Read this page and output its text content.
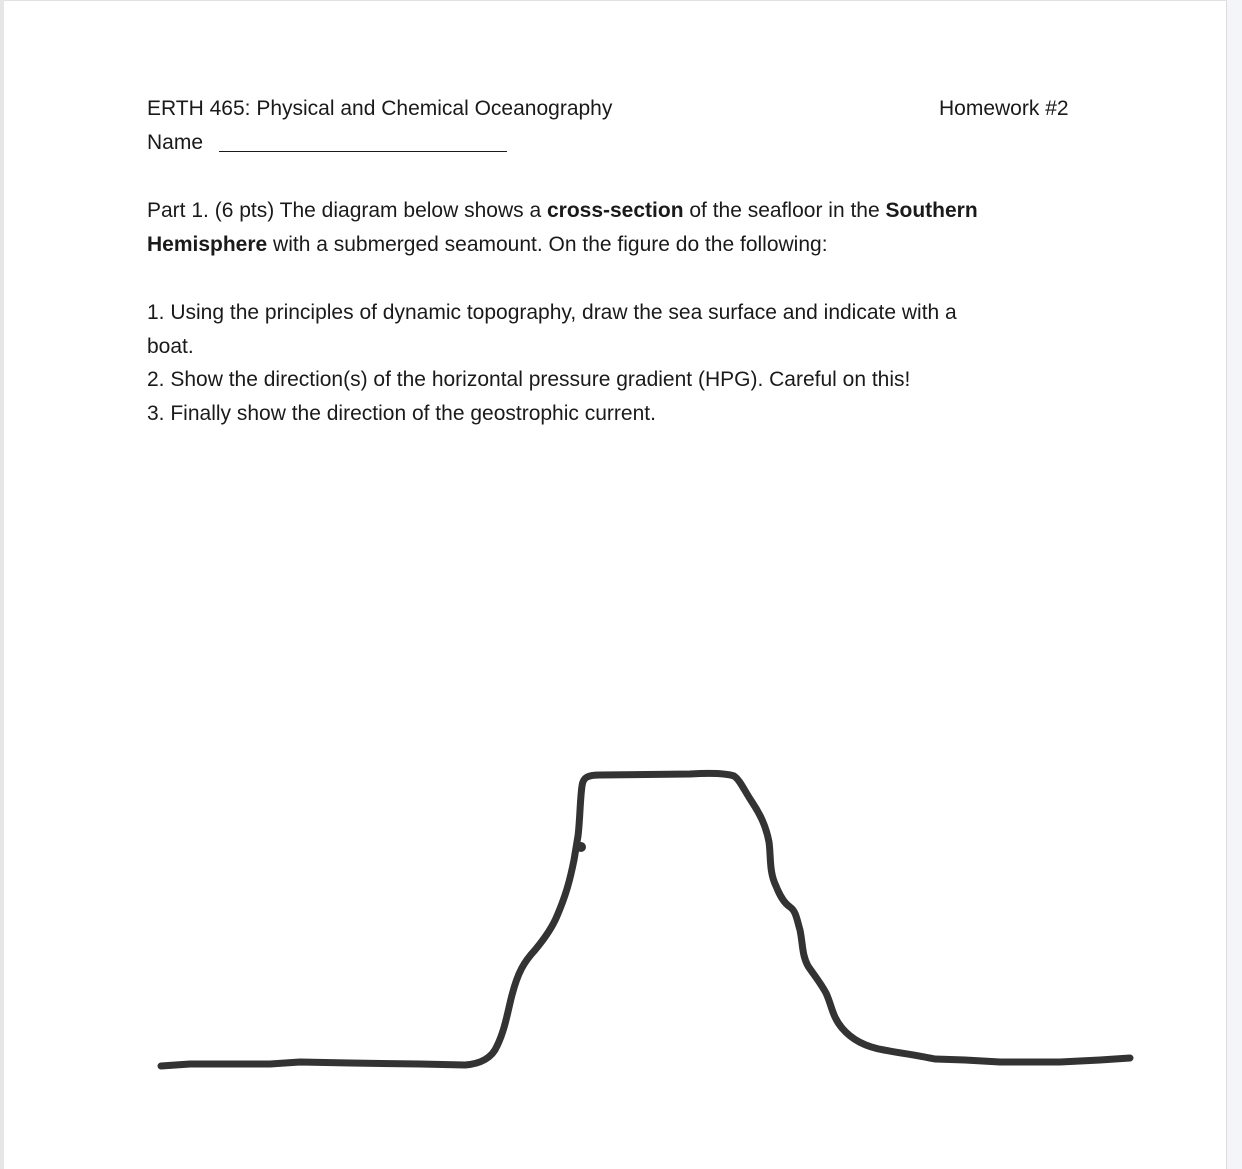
ERTH 465: Physical and Chemical Oceanography	Homework #2

Name

Part 1. (6 pts) The diagram below shows a cross-section of the seafloor in the Southern

Hemisphere with a submerged seamount. On the figure do the following:

1. Using the principles of dynamic topography, draw the sea surface and indicate with a

boat.

2. Show the direction(s) of the horizontal pressure gradient (HPG). Careful on this!

3. Finally show the direction of the geostrophic current.
